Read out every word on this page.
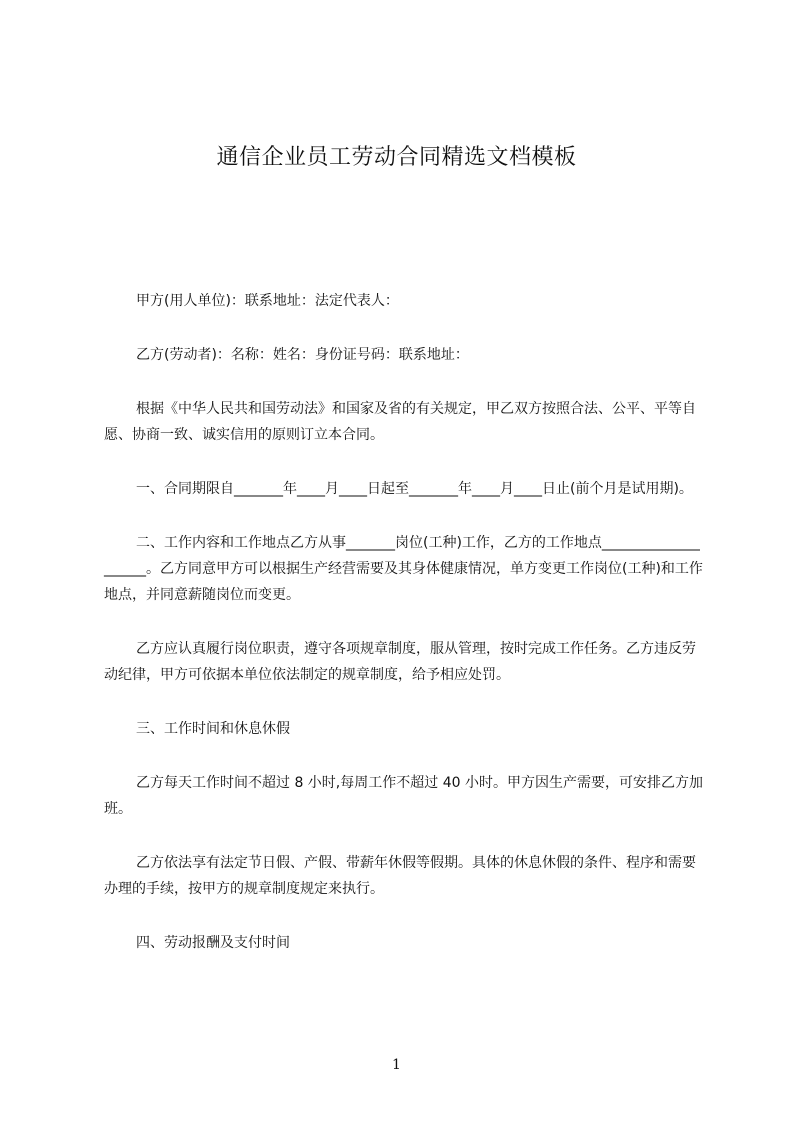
通信企业员工劳动合同精选文档模板

甲方(用人单位)：联系地址：法定代表人：

乙方(劳动者)：名称：姓名：身份证号码：联系地址：

根据《中华人民共和国劳动法》和国家及省的有关规定，甲乙双方按照合法、公平、平等自愿、协商一致、诚实信用的原则订立本合同。

一、合同期限自_______年____月____日起至_______年____月____日止(前个月是试用期)。

二、工作内容和工作地点乙方从事_______岗位(工种)工作，乙方的工作地点____________________。乙方同意甲方可以根据生产经营需要及其身体健康情况，单方变更工作岗位(工种)和工作地点，并同意薪随岗位而变更。

乙方应认真履行岗位职责，遵守各项规章制度，服从管理，按时完成工作任务。乙方违反劳动纪律，甲方可依据本单位依法制定的规章制度，给予相应处罚。

三、工作时间和休息休假

乙方每天工作时间不超过 8 小时,每周工作不超过 40 小时。甲方因生产需要，可安排乙方加班。

乙方依法享有法定节日假、产假、带薪年休假等假期。具体的休息休假的条件、程序和需要办理的手续，按甲方的规章制度规定来执行。

四、劳动报酬及支付时间

1
